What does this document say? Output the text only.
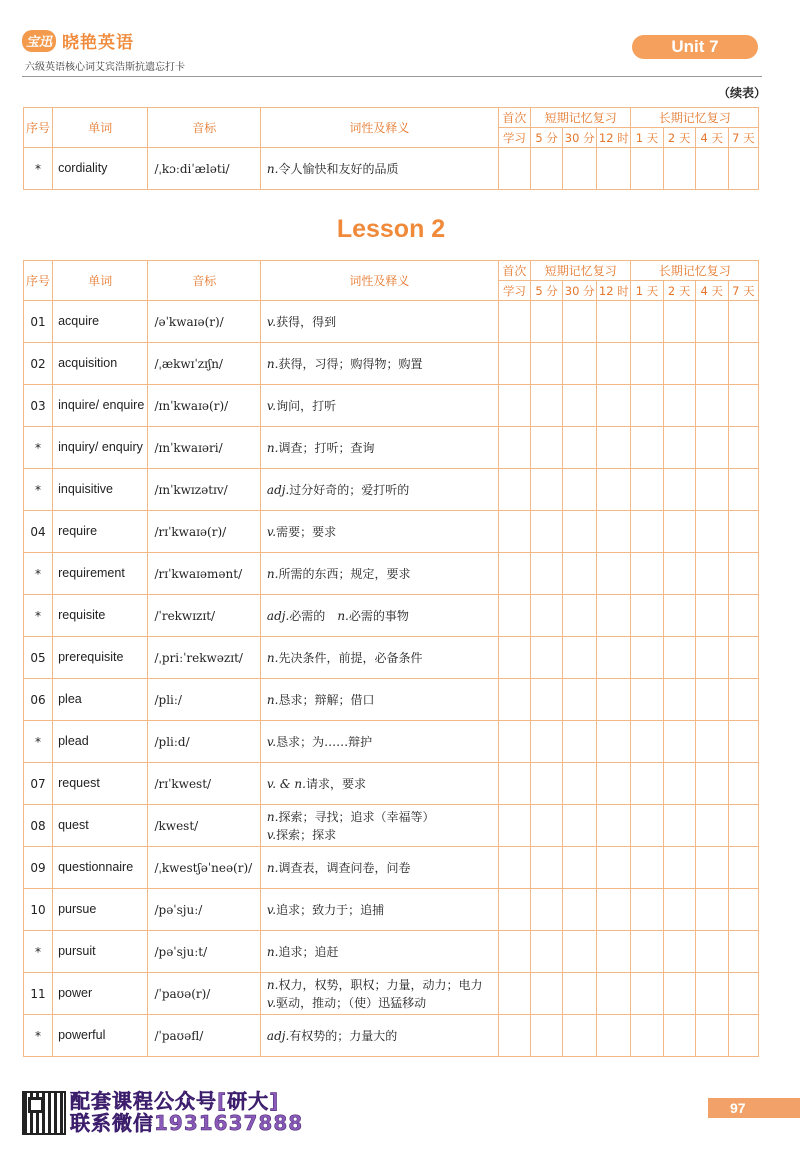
宝迅 晓艳英语
六级英语核心词艾宾浩斯抗遗忘打卡
Unit 7
（续表）
序号	单词	音标	词性及释义	首次	短期记忆复习			长期记忆复习			
				学习	5 分	30 分	12 时	1 天	2 天	4 天	7 天
*	cordiality	/ˌkɔːdiˈæləti/	n.令人愉快和友好的品质								
Lesson 2
序号	单词	音标	词性及释义	首次	短期记忆复习			长期记忆复习			
				学习	5 分	30 分	12 时	1 天	2 天	4 天	7 天
01	acquire	/əˈkwaɪə(r)/	v.获得，得到								
02	acquisition	/ˌækwɪˈzɪʃn/	n.获得，习得；购得物；购置								
03	inquire/ enquire	/ɪnˈkwaɪə(r)/	v.询问，打听								
*	inquiry/ enquiry	/ɪnˈkwaɪəri/	n.调查；打听；查询								
*	inquisitive	/ɪnˈkwɪzətɪv/	adj.过分好奇的；爱打听的								
04	require	/rɪˈkwaɪə(r)/	v.需要；要求								
*	requirement	/rɪˈkwaɪəmənt/	n.所需的东西；规定，要求								
*	requisite	/ˈrekwɪzɪt/	adj.必需的　n.必需的事物								
05	prerequisite	/ˌpriːˈrekwəzɪt/	n.先决条件，前提，必备条件								
06	plea	/pliː/	n.恳求；辩解；借口								
*	plead	/pliːd/	v.恳求；为……辩护								
07	request	/rɪˈkwest/	v. & n.请求，要求								
08	quest	/kwest/	n.探索；寻找；追求（幸福等）
v.探索；探求								
09	questionnaire	/ˌkwestʃəˈneə(r)/	n.调查表，调查问卷，问卷								
10	pursue	/pəˈsjuː/	v.追求；致力于；追捕								
*	pursuit	/pəˈsjuːt/	n.追求；追赶								
11	power	/ˈpaʊə(r)/	n.权力，权势，职权；力量，动力；电力
v.驱动，推动；（使）迅猛移动								
*	powerful	/ˈpaʊəfl/	adj.有权势的；力量大的								
配套课程公众号[研大]
联系微信1931637888
97
